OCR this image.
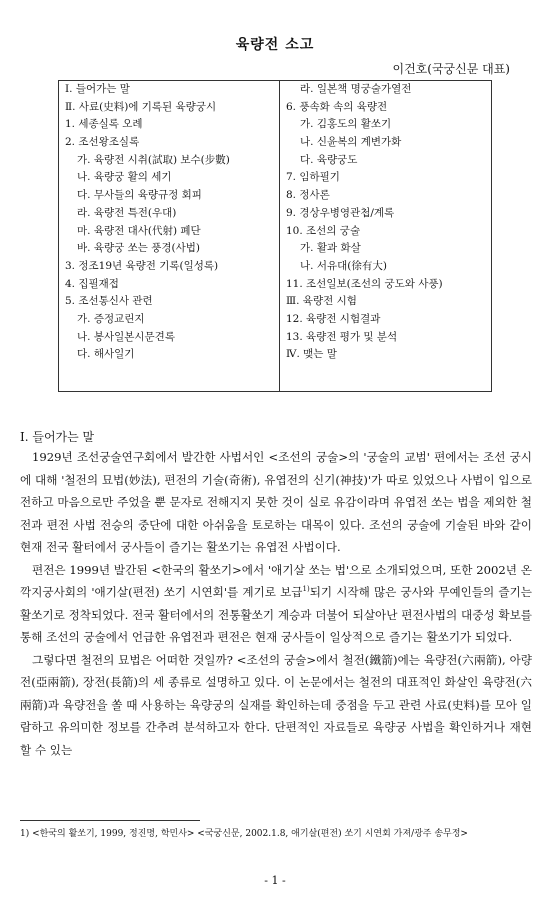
육량전 소고
이건호(국궁신문 대표)
Ⅰ. 들어가는 말
Ⅱ. 사료(史料)에 기록된 육량궁시
1. 세종실록 오례
2. 조선왕조실록
가. 육량전 시취(試取) 보수(步數)
나. 육량궁 활의 세기
다. 무사들의 육량규정 회피
라. 육량전 특전(우대)
마. 육량전 대사(代射) 폐단
바. 육량궁 쏘는 풍경(사법)
3. 정조19년 육량전 기록(일성록)
4. 집필재접
5. 조선통신사 관련
가. 증정교린지
나. 봉사일본시문견록
다. 해사일기
라. 일본책 명궁술가열전
6. 풍속화 속의 육량전
가. 김홍도의 활쏘기
나. 신윤복의 계변가화
다. 육량궁도
7. 임하필기
8. 정사론
9. 경상우병영관첩/계록
10. 조선의 궁술
가. 활과 화살
나. 서유대(徐有大)
11. 조선일보(조선의 궁도와 사풍)
Ⅲ. 육량전 시험
12. 육량전 시험결과
13. 육량전 평가 및 분석
Ⅳ. 맺는 말
Ⅰ. 들어가는 말

1929년 조선궁술연구회에서 발간한 사법서인 <조선의 궁술>의 '궁술의 교범' 편에서는 조선 궁시에 대해 '철전의 묘법(妙法), 편전의 기술(奇術), 유엽전의 신기(神技)'가 따로 있었으나 사법이 입으로 전하고 마음으로만 주었을 뿐 문자로 전해지지 못한 것이 실로 유감이라며 유엽전 쏘는 법을 제외한 철전과 편전 사법 전승의 중단에 대한 아쉬움을 토로하는 대목이 있다. 조선의 궁술에 기술된 바와 같이 현재 전국 활터에서 궁사들이 즐기는 활쏘기는 유엽전 사법이다.

편전은 1999년 발간된 <한국의 활쏘기>에서 '애기살 쏘는 법'으로 소개되었으며, 또한 2002년 온깍지궁사회의 '애기살(편전) 쏘기 시연회'를 계기로 보급$^{1)}$되기 시작해 많은 궁사와 무예인들의 즐기는 활쏘기로 정착되었다. 전국 활터에서의 전통활쏘기 계승과 더불어 되살아난 편전사법의 대중성 확보를 통해 조선의 궁술에서 언급한 유엽전과 편전은 현재 궁사들이 일상적으로 즐기는 활쏘기가 되었다.

그렇다면 철전의 묘법은 어떠한 것일까? <조선의 궁술>에서 철전(鐵箭)에는 육량전(六兩箭), 아량전(亞兩箭), 장전(長箭)의 세 종류로 설명하고 있다. 이 논문에서는 철전의 대표적인 화살인 육량전(六兩箭)과 육량전을 쏠 때 사용하는 육량궁의 실재를 확인하는데 중점을 두고 관련 사료(史料)를 모아 일람하고 유의미한 정보를 간추려 분석하고자 한다. 단편적인 자료들로 육량궁 사법을 확인하거나 재현할 수 있는

1) <한국의 활쏘기, 1999, 정진명, 학민사> <국궁신문, 2002.1.8, 애기살(편전) 쏘기 시연회 가져/광주 송무정>
- 1 -
